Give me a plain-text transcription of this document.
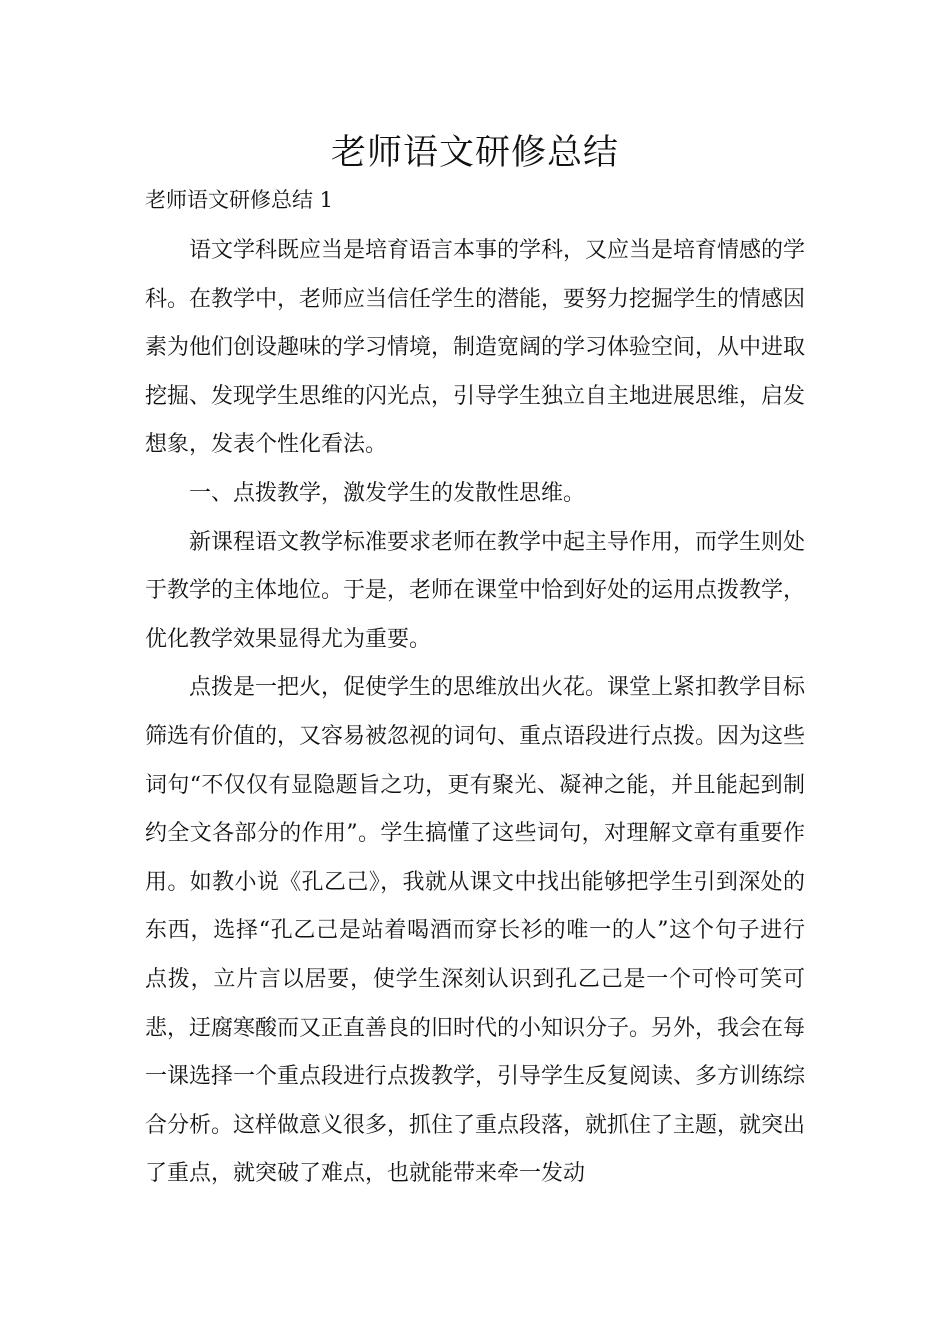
老师语文研修总结

老师语文研修总结 1

语文学科既应当是培育语言本事的学科，又应当是培育情感的学科。在教学中，老师应当信任学生的潜能，要努力挖掘学生的情感因素为他们创设趣味的学习情境，制造宽阔的学习体验空间，从中进取挖掘、发现学生思维的闪光点，引导学生独立自主地进展思维，启发想象，发表个性化看法。

一、点拨教学，激发学生的发散性思维。

新课程语文教学标准要求老师在教学中起主导作用，而学生则处于教学的主体地位。于是，老师在课堂中恰到好处的运用点拨教学，优化教学效果显得尤为重要。

点拨是一把火，促使学生的思维放出火花。课堂上紧扣教学目标筛选有价值的，又容易被忽视的词句、重点语段进行点拨。因为这些词句“不仅仅有显隐题旨之功，更有聚光、凝神之能，并且能起到制约全文各部分的作用”。学生搞懂了这些词句，对理解文章有重要作用。如教小说《孔乙己》，我就从课文中找出能够把学生引到深处的东西，选择“孔乙己是站着喝酒而穿长衫的唯一的人”这个句子进行点拨，立片言以居要，使学生深刻认识到孔乙己是一个可怜可笑可悲，迂腐寒酸而又正直善良的旧时代的小知识分子。另外，我会在每一课选择一个重点段进行点拨教学，引导学生反复阅读、多方训练综合分析。这样做意义很多，抓住了重点段落，就抓住了主题，就突出了重点，就突破了难点，也就能带来牵一发动
